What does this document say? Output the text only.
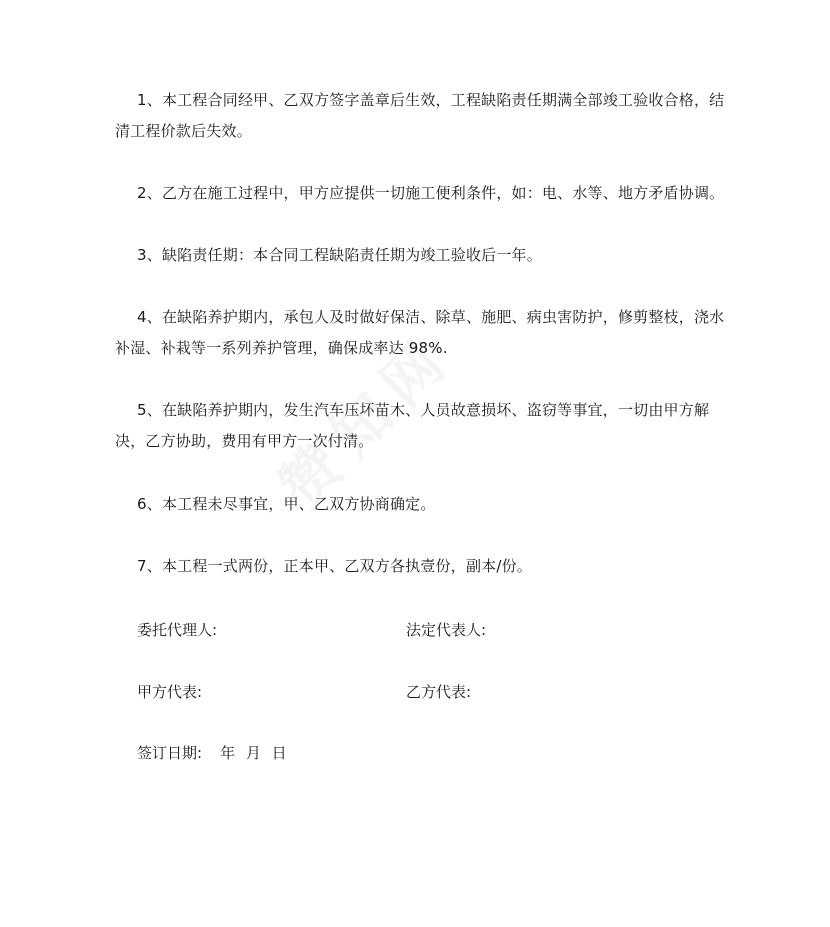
1、本工程合同经甲、乙双方签字盖章后生效，工程缺陷责任期满全部竣工验收合格，结清工程价款后失效。

2、乙方在施工过程中，甲方应提供一切施工便利条件，如：电、水等、地方矛盾协调。

3、缺陷责任期：本合同工程缺陷责任期为竣工验收后一年。

4、在缺陷养护期内，承包人及时做好保洁、除草、施肥、病虫害防护，修剪整枝，浇水补湿、补栽等一系列养护管理，确保成率达 98%.

5、在缺陷养护期内，发生汽车压坏苗木、人员故意损坏、盗窃等事宜，一切由甲方解决，乙方协助，费用有甲方一次付清。

6、本工程未尽事宜，甲、乙双方协商确定。

7、本工程一式两份，正本甲、乙双方各执壹份，副本/份。

委托代理人:	法定代表人:
甲方代表:	乙方代表:
签订日期: 年 月 日
